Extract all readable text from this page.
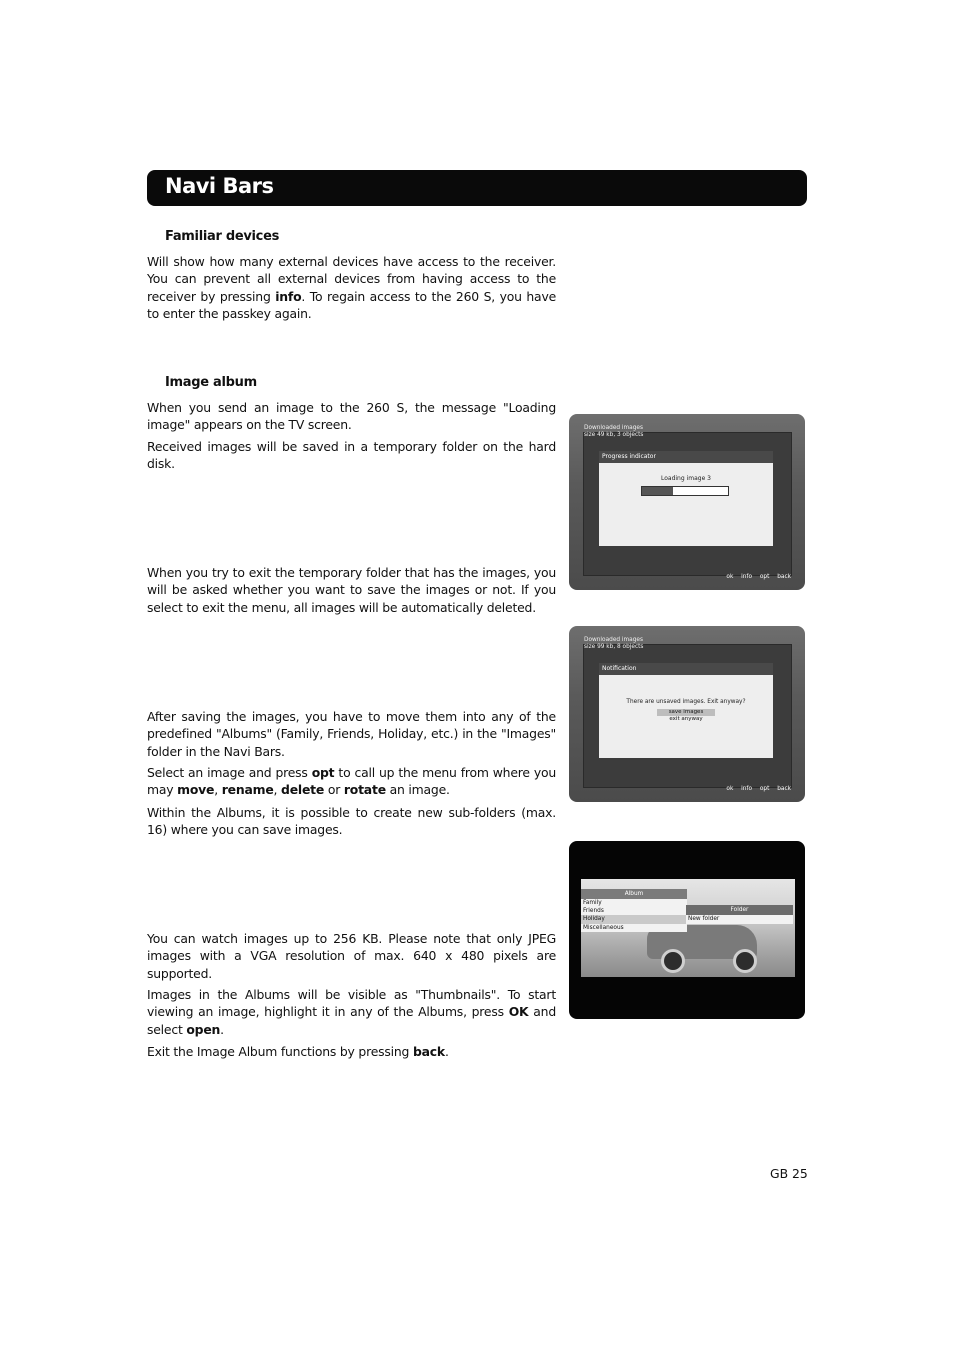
Navi Bars
Familiar devices
Will show how many external devices have access to the receiver. You can prevent all external devices from having access to the receiver by pressing info. To regain access to the 260 S, you have to enter the passkey again.
Image album
When you send an image to the 260 S, the message "Loading image" appears on the TV screen.
Received images will be saved in a temporary folder on the hard disk.
When you try to exit the temporary folder that has the images, you will be asked whether you want to save the images or not. If you select to exit the menu, all images will be automatically deleted.
After saving the images, you have to move them into any of the predefined "Albums" (Family, Friends, Holiday, etc.) in the "Images" folder in the Navi Bars.
Select an image and press opt to call up the menu from where you may move, rename, delete or rotate an image.
Within the Albums, it is possible to create new sub-folders (max. 16) where you can save images.
You can watch images up to 256 KB. Please note that only JPEG images with a VGA resolution of max. 640 x 480 pixels are supported.
Images in the Albums will be visible as "Thumbnails". To start viewing an image, highlight it in any of the Albums, press OK and select open.
Exit the Image Album functions by pressing back.
Downloaded images
size 49 kb, 3 objects
Progress indicator
Loading image 3
36 %
ok info opt back
Downloaded images
size 99 kb, 8 objects
Notification
There are unsaved images. Exit anyway?
save images
exit anyway
ok info opt back
Album
Family
Friends
Holiday
Miscellaneous
Folder
New folder
GB 25
